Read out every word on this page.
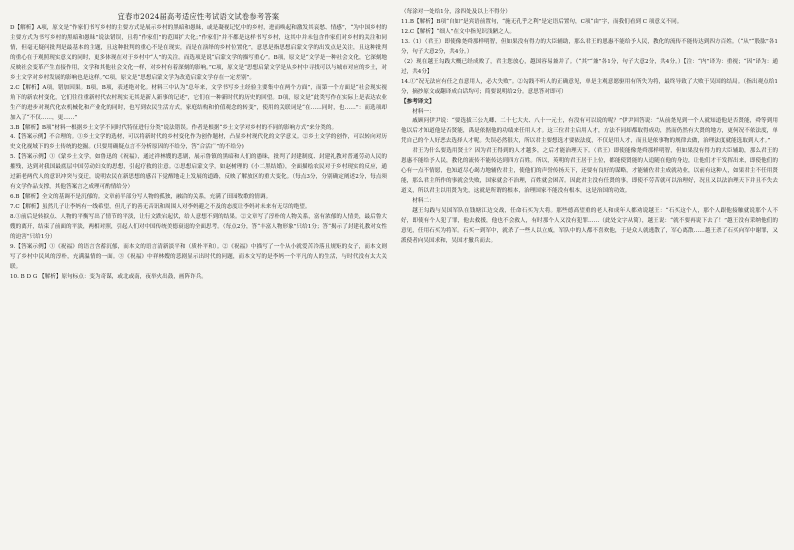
宜春市2024届高考适应性考试语文试卷参考答案

D【解析】A项，原文是“作家们书写乡村的主要方式是展示乡村的黑暗和愚昧，或是凝视记忆中的乡村，进而唤起和激发其哀愁、情感”，“为中国乡村的主要方式为书写乡村的黑暗和愚昧”说法错误，且将“作家们”的范围扩大化；”作家们”并不都是这样书写乡村，这其中并未包含作家们对乡村的关注和同情，但毫无疑问批判是最基本的主题，且这种批判的重心不是在现实，而是在演绎的乡村位置化”，意思是指思想启蒙文学的出发点是关注，且这种批判的重心在于观照现实意义的同时，更多体现在对于乡村中“人”的关注。而选项是说“启蒙文学的描写重心”。B项，原文是“文学是一种社会文化，它深刻地反映社会变革产生直接作用，文学和其他社会文化一样，对乡村有着深刻的影响。”C项，原文是“思想启蒙文学是从乡村中寻找可以与城市对应的乡土，对乡土文学对乡村发展的影响也是这样。”C项，原文是“思想启蒙文学为改造启蒙文学存在一定差别”。

2.C【解析】A项，错加因果。B项，B项，表述绝对化。材料三中认为“总年来，文学书写乡土经验主要集中在两个方面”，而第一个方面是“社会现实视角下的新农村变化，它们往往重新村代农村现实无其是新人新事的记述”，它们在一种新时代的历史的回望。D项，原文是“此类写作在实际上是表达农业生产的进步对现代化农机械化和产业化的同时，也写到农民生活方式，家庭结构和价值观念的转变”，使用的关联词是“在……同时，也……”：而选项却加入了“不仅……，更……”

3.B【解析】B项“材料一根据乡土文学不同时代特征进行分类”说法错误。作者是根据“乡土文学对乡村的不同的影响方式”来分类的。

4.【答案示例】不合理的。①乡土文学的选材，可以将新时代的乡村变化作为创作题材，凸显乡村现代化的文学意义。②乡土文学的创作，可以转向对历史文化视域下的乡土传统的挖掘。(只要用确疑点言不分析原因的不给分，答“合活广”的不给分)

5.【答案示例】①《蒙乡土文学，如鲁迅的《祝福》，通过祥林嫂的悲剧，展示鲁镇的黑暗和人们的愚昧，批判了封建制度、封建礼教对普通劳动人民的摧残，达到对我国最底层中国劳动妇女的思想，引起疗救的注意。②思想启蒙文学，如赵树理的《小二黑结婚》，全面描绘农民对于乡村现实的反应，通过新老两代人的意识冲突与变迁，说明农民在新思想的感召下觉醒地走上发展的道路，反映了解放区的重大变化。（每点3分，分别确定阐述2分，每点须有文学作品支撑，其他答案言之成理可酌情给分）

6.B【解析】全文的基调不是沉郁的。文章前半部分写人物的孤独，融洽的关系，充满了田园牧歌的情调。

7.C【解析】虽然儿子让李妈有一线希望，但儿子的善无音讯和周围人对李妈避之不及的态度让李妈对未来有无尽的绝望。

8.①前后是转捩点、人物的平衡写出了情节的平淡，让行文跌宕起伏，给人意想不到的结果。②文章写了淳朴的人物关系，富有浓郁的人情美，最后鲁大嫂的离开，结束了前面的平淡，两相对照，引起人们对中国传统美德衰退的全面思考。（每点2分，答“丰富人物形象”只给1分；答“揭示了封建礼教对女性的迫害”只给1分）

9.【答案示例】①《祝福》的语言含蓄沉郁，而本文的语言清新淡平和（质朴平和）。②《祝福》中描写了一个从小就爱苦冷落且规矩的女子，而本文则写了乡村中民风的淳朴，充满温情的一面。③《祝福》中祥林嫂的悲剧显示出时代的问题，而本文写的是李妈一个平凡的人的生活，与时代没有太大关联。

10. B D G 【解析】原句标点：变为奇谋，或北或南，夜举火出鼓，画阵诈兵。

（每涂对一处给1分，涂四处及以上不得分）

11.B【解析】B项“自如”是宾语前置句，“施无孔乎之利”是定语后置句，C项“由”字，而我们看到 C 项意义不同。

12.C【解析】“细人”在文中指见识浅陋之人。

13.（1）（君王）即使像尧舜那样明智，但如果没有得力的大臣辅助，那么君王的恩惠不能给予人民，教化的流传不能传达到四方百姓。（“从”“股肱”各1分，句子大意2分，共4分。）

（2）现在越王勾践大概已经成败了，君主您放心，越国容易兼并了。（“其”“兼”各1分，句子大意2分，共4分。）【注：“内”译为：重视；“因”译为：通过，共4分】

14.①“况无法应有任之直意用人，必大失败”。②勾践不听人的正确意见，单是主观意愿驱用有所失为将，最终导致了大败于吴国的结局。（指出观点给1分，摘抄原文或翻译成白话均可；简要说明给2分。意思答对即可）

【参考译文】

材料一：

戚顾问伊尹说：“要选拔三公九卿、二十七大夫、八十一元士，有没有可以说的呢？”伊尹回答说：“从前尧见到一个人就知道他是否贤能，舜等到用他以后才知道他是否贤能，禹是依据他的功绩来任用人才。这三位君主启用人才，方法不同却都取得成功，然而仍然有大贤的地方，更何况不依法度，单凭自己的个人好恶去选择人才呢。失误必然很大，所以君主要想选才要依法度，不仅是用人才，而且是依事物的规律去做，治理法度就能选取到人才。”

君王为什么要选用贤士？因为君王得到的人才越多，之后才能治理天下。（君王）即使能像尧舜那样明智，但如果没有得力的大臣辅助，那么君王的恩惠不能给予人民，教化的流传不能传达到四方百姓。所以，英明的君王居于上位，都能使贤能的人追随在他的身边，让他们才干发挥出来，即使他们的心有一点不情愿，也知道尽心竭力地辅佐君主，使他们的声誉传扬天下，还要有良好的谋略，才能辅佐君主成就功业，以前有这种人，如果君主不任用贤能，那么君主所作的事就会失败，国家就会不治理，百姓就会困苦。因此君主没有任贤的事，即使不劳苦就可以治理好，况且又以法治理天下并且不失去道义，所以君主以用贤为先，这就是所谓的根本，治理国家不能没有根本，这是治国的功效。

材料二：

越王勾践与吴国军队在钱塘江边交战，任命石买为大将。那些德高望重的老人和成年人都劝说越王：“石买这个人，那个人跟他接触就说那个人不好，即使有个人犯了罪，他去救援，他也不会救人，有时那个人又没有犯罪……（此处文字从简），越王说：“就不要再说下去了！”越王没有采纳他们的意见，任用石买为将军。石买一到军中，就杀了一些人以立威，军队中的人都不喜欢他，于是众人就逃散了，军心离散……越王杀了石买向军中谢罪，又派使者向吴国求和，吴国才撤兵而去。
